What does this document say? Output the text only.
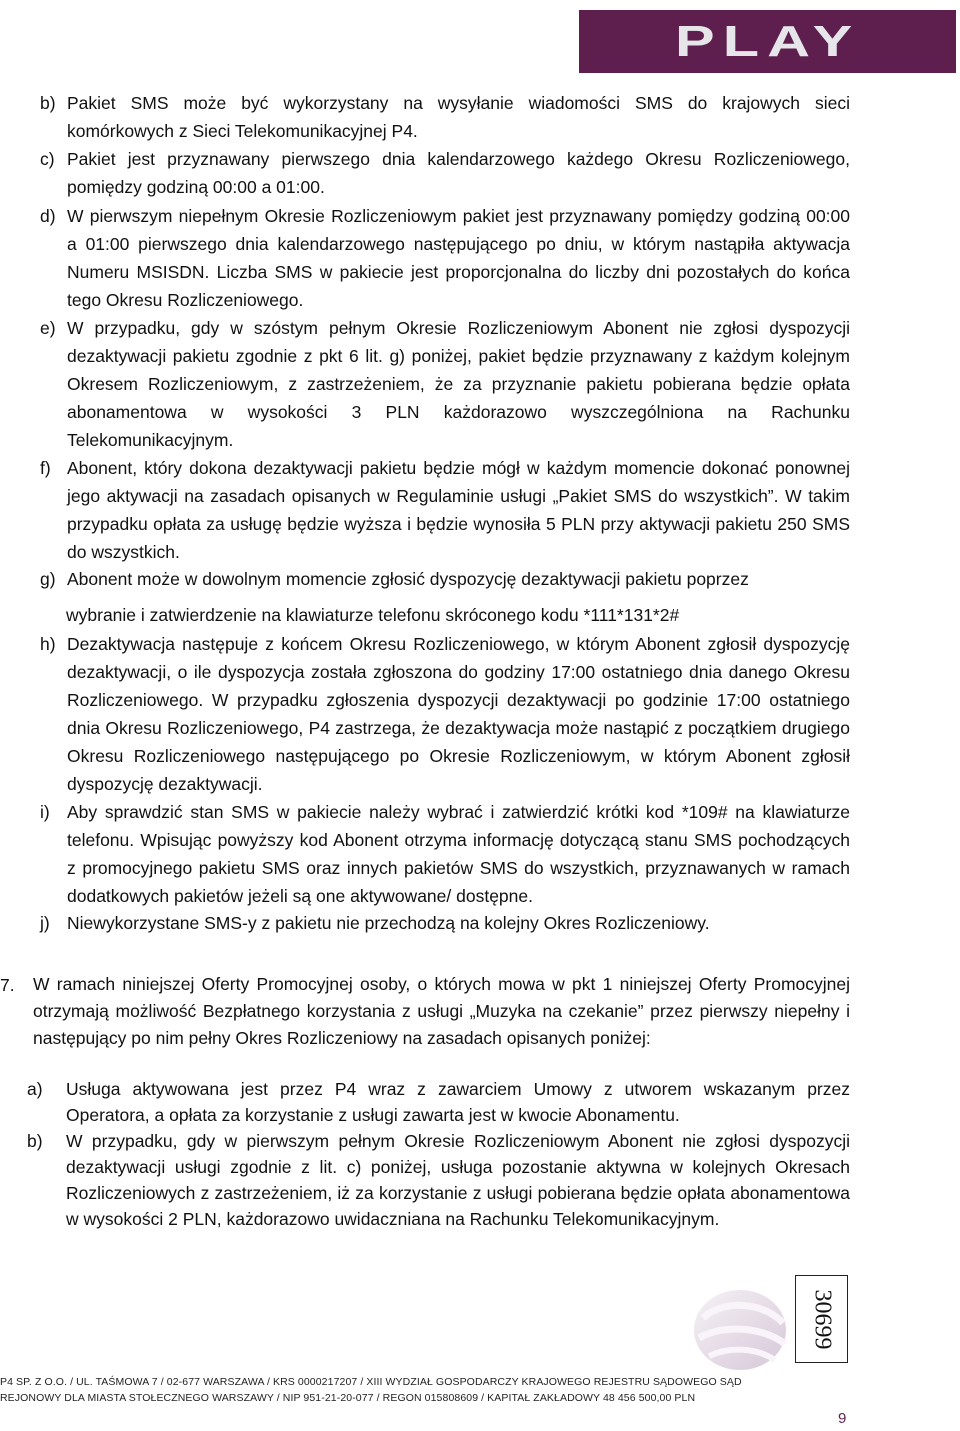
PLAY
b) Pakiet SMS może być wykorzystany na wysyłanie wiadomości SMS do krajowych sieci komórkowych z Sieci Telekomunikacyjnej P4.
c) Pakiet jest przyznawany pierwszego dnia kalendarzowego każdego Okresu Rozliczeniowego, pomiędzy godziną 00:00 a 01:00.
d) W pierwszym niepełnym Okresie Rozliczeniowym pakiet jest przyznawany pomiędzy godziną 00:00 a 01:00 pierwszego dnia kalendarzowego następującego po dniu, w którym nastąpiła aktywacja Numeru MSISDN. Liczba SMS w pakiecie jest proporcjonalna do liczby dni pozostałych do końca tego Okresu Rozliczeniowego.
e) W przypadku, gdy w szóstym pełnym Okresie Rozliczeniowym Abonent nie zgłosi dyspozycji dezaktywacji pakietu zgodnie z pkt 6 lit. g) poniżej, pakiet będzie przyznawany z każdym kolejnym Okresem Rozliczeniowym, z zastrzeżeniem, że za przyznanie pakietu pobierana będzie opłata abonamentowa w wysokości 3 PLN każdorazowo wyszczególniona na Rachunku Telekomunikacyjnym.
f) Abonent, który dokona dezaktywacji pakietu będzie mógł w każdym momencie dokonać ponownej jego aktywacji na zasadach opisanych w Regulaminie usługi „Pakiet SMS do wszystkich”. W takim przypadku opłata za usługę będzie wyższa i będzie wynosiła 5 PLN przy aktywacji pakietu 250 SMS do wszystkich.
g) Abonent może w dowolnym momencie zgłosić dyspozycję dezaktywacji pakietu poprzez
wybranie i zatwierdzenie na klawiaturze telefonu skróconego kodu *111*131*2#
h) Dezaktywacja następuje z końcem Okresu Rozliczeniowego, w którym Abonent zgłosił dyspozycję dezaktywacji, o ile dyspozycja została zgłoszona do godziny 17:00 ostatniego dnia danego Okresu Rozliczeniowego. W przypadku zgłoszenia dyspozycji dezaktywacji po godzinie 17:00 ostatniego dnia Okresu Rozliczeniowego, P4 zastrzega, że dezaktywacja może nastąpić z początkiem drugiego Okresu Rozliczeniowego następującego po Okresie Rozliczeniowym, w którym Abonent zgłosił dyspozycję dezaktywacji.
i) Aby sprawdzić stan SMS w pakiecie należy wybrać i zatwierdzić krótki kod *109# na klawiaturze telefonu. Wpisując powyższy kod Abonent otrzyma informację dotyczącą stanu SMS pochodzących z promocyjnego pakietu SMS oraz innych pakietów SMS do wszystkich, przyznawanych w ramach dodatkowych pakietów jeżeli są one aktywowane/ dostępne.
j) Niewykorzystane SMS-y z pakietu nie przechodzą na kolejny Okres Rozliczeniowy.
7.	W ramach niniejszej Oferty Promocyjnej osoby, o których mowa w pkt 1 niniejszej Oferty Promocyjnej otrzymają możliwość Bezpłatnego korzystania z usługi „Muzyka na czekanie” przez pierwszy niepełny i następujący po nim pełny Okres Rozliczeniowy na zasadach opisanych poniżej:
a)	Usługa aktywowana jest przez P4 wraz z zawarciem Umowy z utworem wskazanym przez Operatora, a opłata za korzystanie z usługi zawarta jest w kwocie Abonamentu.
b)	W przypadku, gdy w pierwszym pełnym Okresie Rozliczeniowym Abonent nie zgłosi dyspozycji dezaktywacji usługi zgodnie z lit. c) poniżej, usługa pozostanie aktywna w kolejnych Okresach Rozliczeniowych z zastrzeżeniem, iż za korzystanie z usługi pobierana będzie opłata abonamentowa w wysokości 2 PLN, każdorazowo uwidaczniana na Rachunku Telekomunikacyjnym.
30699
P4 SP. Z O.O. / UL. TAŚMOWA 7 / 02-677 WARSZAWA / KRS 0000217207 / XIII WYDZIAŁ GOSPODARCZY KRAJOWEGO REJESTRU SĄDOWEGO SĄD
REJONOWY DLA MIASTA STOŁECZNEGO WARSZAWY / NIP 951-21-20-077 / REGON 015808609 / KAPITAŁ ZAKŁADOWY 48 456 500,00 PLN
9
